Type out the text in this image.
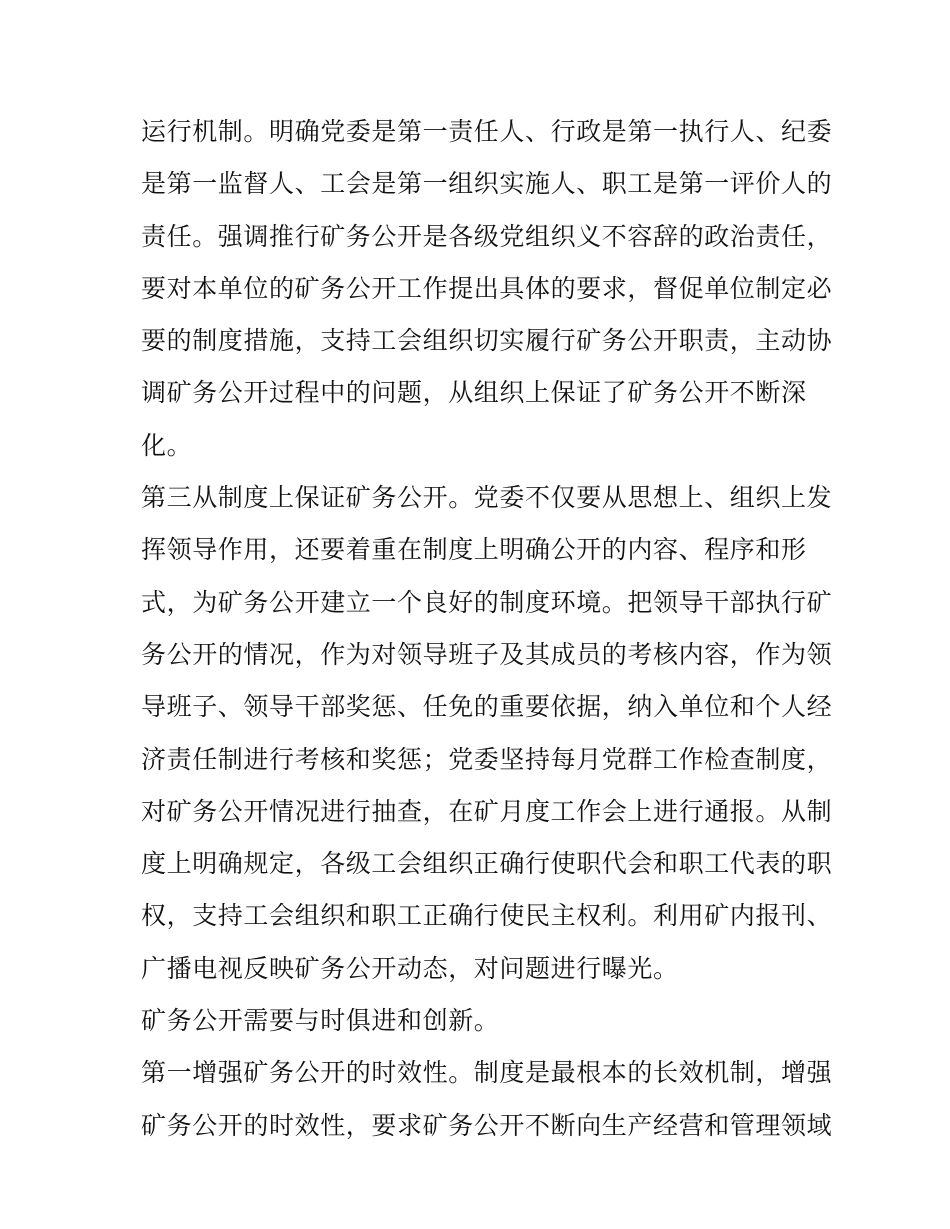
运行机制。明确党委是第一责任人、行政是第一执行人、纪委
是第一监督人、工会是第一组织实施人、职工是第一评价人的
责任。强调推行矿务公开是各级党组织义不容辞的政治责任，
要对本单位的矿务公开工作提出具体的要求，督促单位制定必
要的制度措施，支持工会组织切实履行矿务公开职责，主动协
调矿务公开过程中的问题，从组织上保证了矿务公开不断深
化。
第三从制度上保证矿务公开。党委不仅要从思想上、组织上发
挥领导作用，还要着重在制度上明确公开的内容、程序和形
式，为矿务公开建立一个良好的制度环境。把领导干部执行矿
务公开的情况，作为对领导班子及其成员的考核内容，作为领
导班子、领导干部奖惩、任免的重要依据，纳入单位和个人经
济责任制进行考核和奖惩；党委坚持每月党群工作检查制度，
对矿务公开情况进行抽查，在矿月度工作会上进行通报。从制
度上明确规定，各级工会组织正确行使职代会和职工代表的职
权，支持工会组织和职工正确行使民主权利。利用矿内报刊、
广播电视反映矿务公开动态，对问题进行曝光。
矿务公开需要与时俱进和创新。
第一增强矿务公开的时效性。制度是最根本的长效机制，增强
矿务公开的时效性，要求矿务公开不断向生产经营和管理领域
